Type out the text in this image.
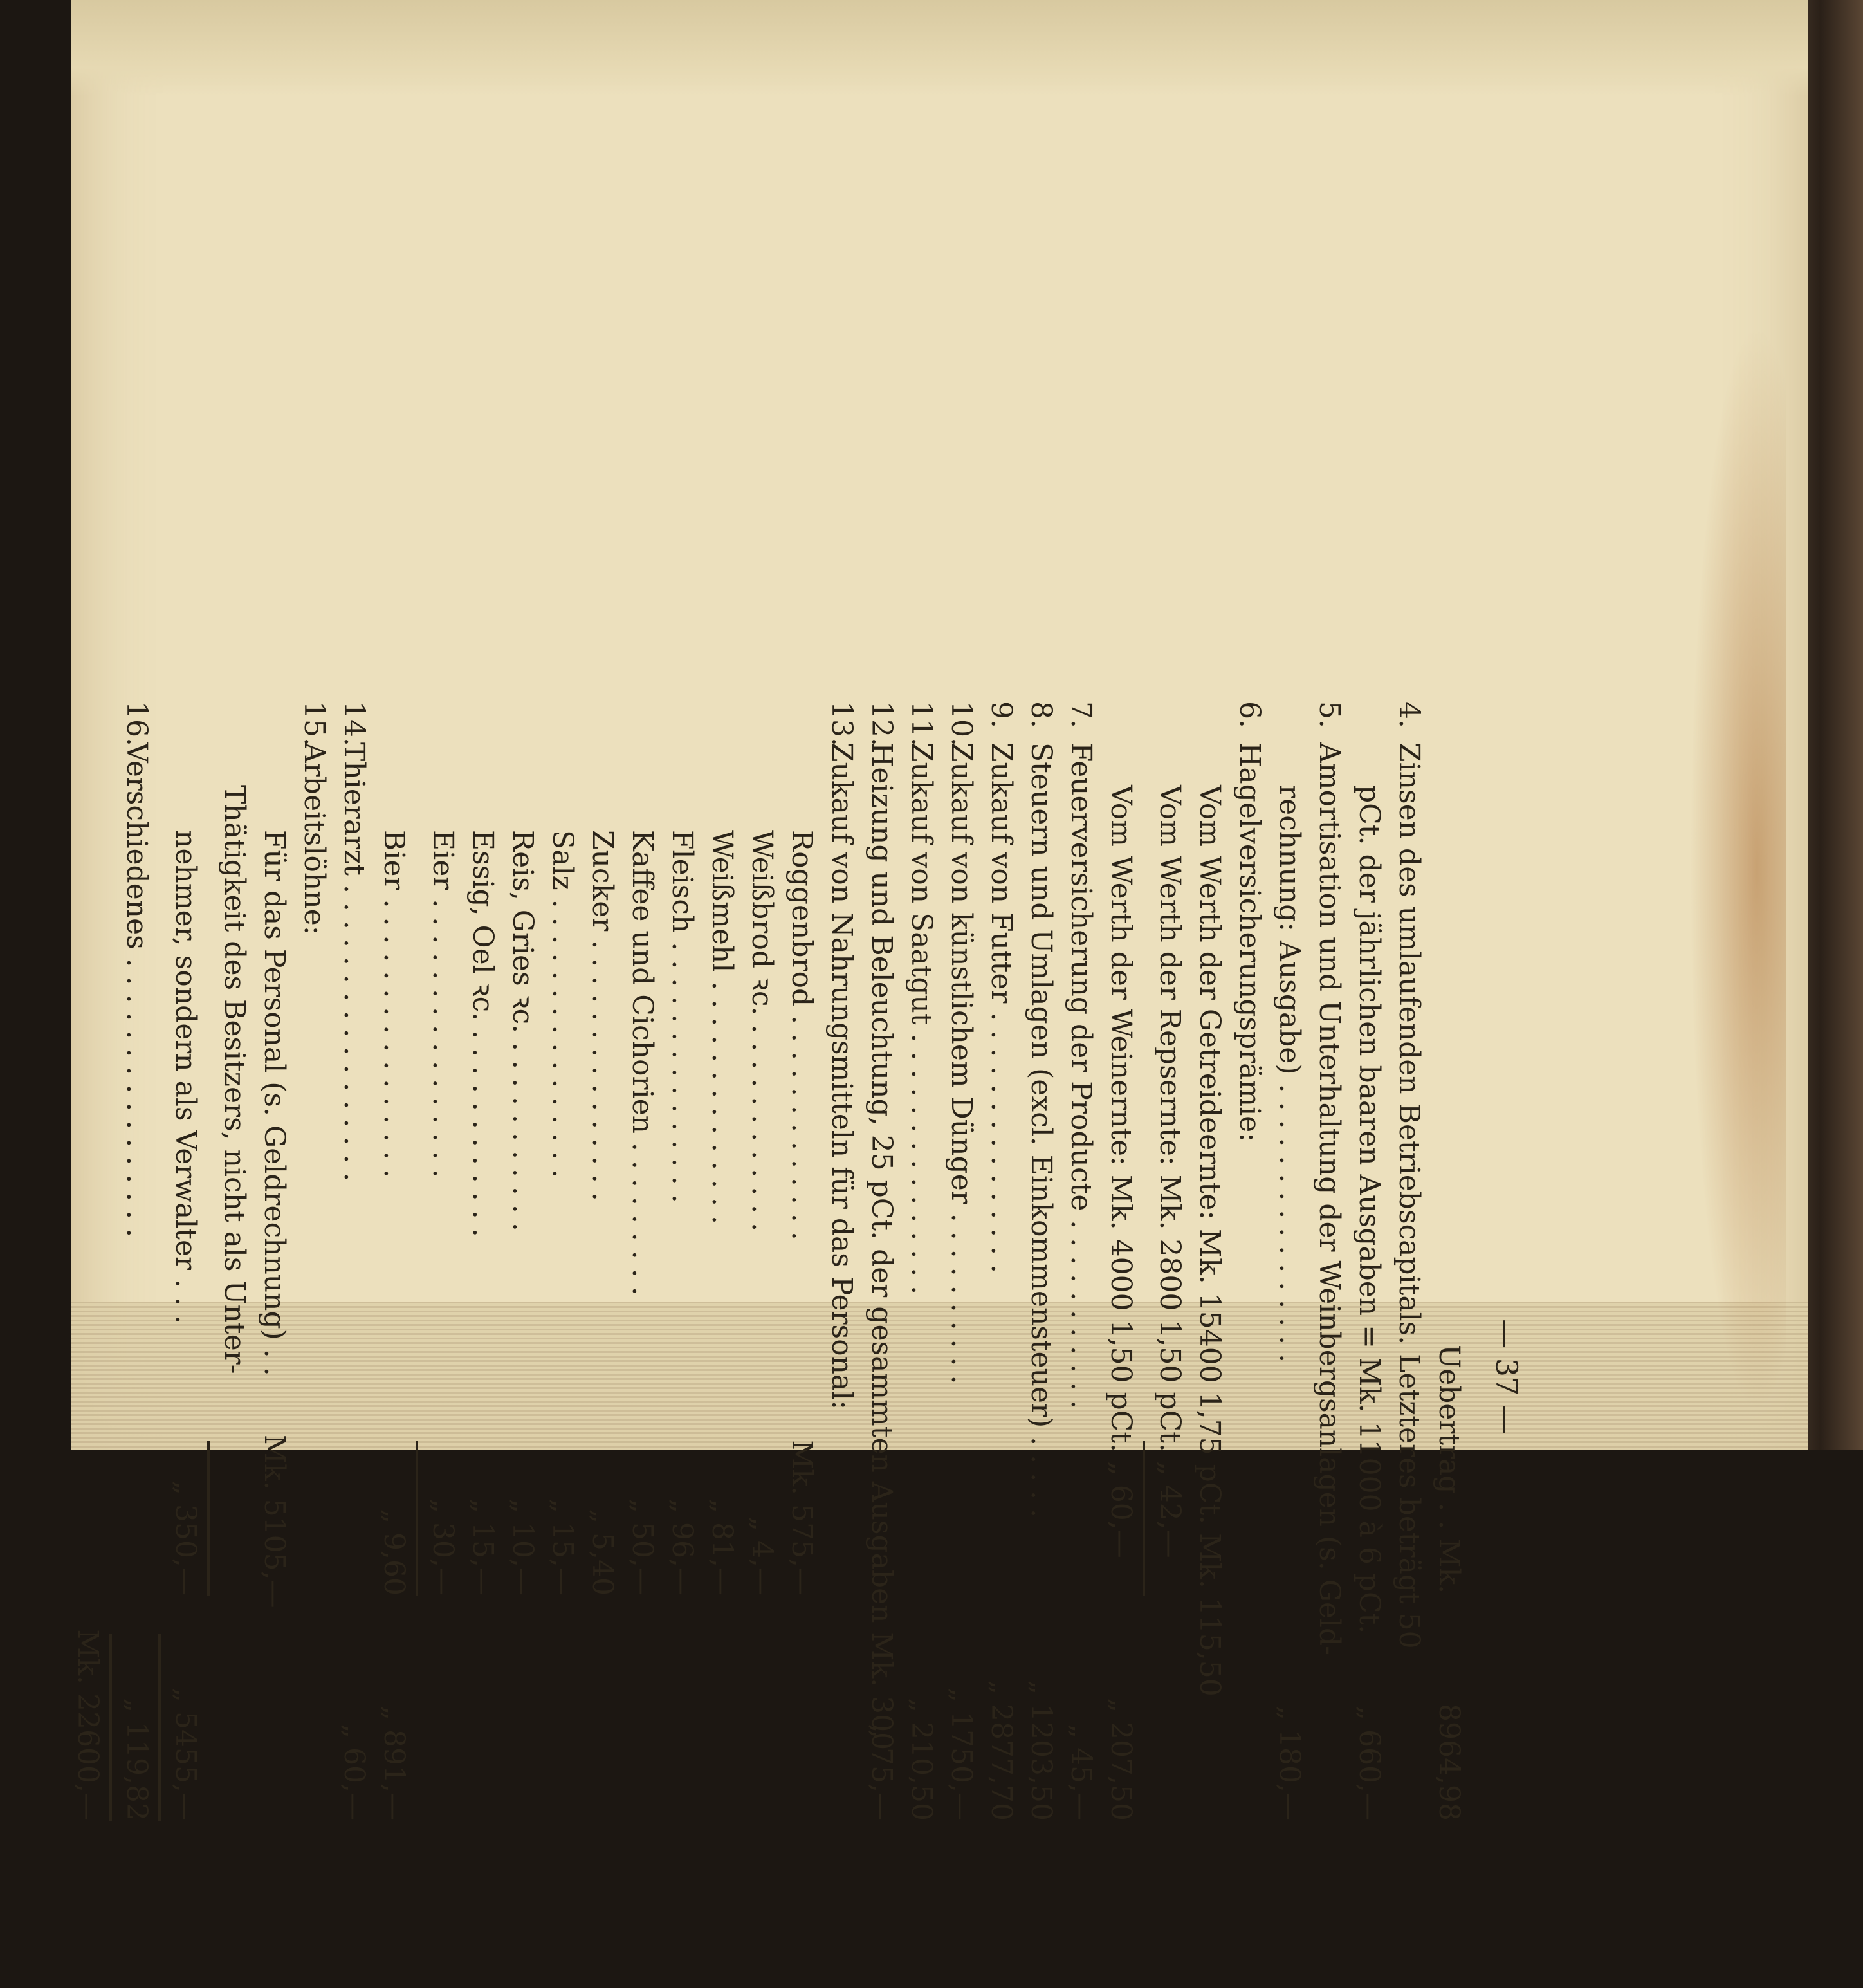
— 37 —
Uebertrag . . Mk.
8964,98
4.
Zinsen des umlaufenden Betriebscapitals. Letzteres beträgt 50
pCt. der jährlichen baaren Ausgaben = Mk. 11000 à 6 pCt.
„ 660,—
5.
Amortisation und Unterhaltung der Weinbergsanlagen (s. Geld-
rechnung: Ausgabe) . . . . . . . . . . . . . . . .
„ 180,—
6.
Hagelversicherungsprämie:
Vom Werth der Getreideernte: Mk. 15400 1,75 pCt. Mk. 115,50
Vom Werth der Repsernte: Mk. 2800 1,50 pCt. „ 42,—
Vom Werth der Weinernte: Mk. 4000 1,50 pCt. „ 60,—
„ 207,50
7.
Feuerversicherung der Producte . . . . . . . . . . .
„ 45,—
8.
Steuern und Umlagen (excl. Einkommensteuer) . . . . .
„ 1203,50
9.
Zukauf von Futter . . . . . . . . . . . . . . .
„ 2877,70
10.
Zukauf von künstlichem Dünger . . . . . . . . . .
„ 1750,—
11.
Zukauf von Saatgut . . . . . . . . . . . . . . .
„ 210,50
12.
Heizung und Beleuchtung, 25 pCt. der gesammten Ausgaben Mk. 300
„ 75,—
13.
Zukauf von Nahrungsmitteln für das Personal:
Roggenbrod . . . . . . . . . . . . .
Mk. 575,—
Weißbrod ꝛc. . . . . . . . . . . . .
„ 4,—
Weißmehl . . . . . . . . . . . . . .
„ 81,—
Fleisch . . . . . . . . . . . . . . .
„ 96,—
Kaffee und Cichorien . . . . . . . . .
„ 50,—
Zucker . . . . . . . . . . . . . . .
„ 5,40
Salz . . . . . . . . . . . . . . . .
„ 15,—
Reis, Gries ꝛc. . . . . . . . . . . .
„ 10,—
Essig, Oel ꝛc. . . . . . . . . . . . .
„ 15,—
Eier . . . . . . . . . . . . . . . .
„ 30,—
Bier . . . . . . . . . . . . . . . .
„ 9,60
„ 891,—
14.
Thierarzt . . . . . . . . . . . . . . . . .
„ 60,—
15.
Arbeitslöhne:
Für das Personal (s. Geldrechnung) . .
Mk. 5105,—
Thätigkeit des Besitzers, nicht als Unter-
nehmer, sondern als Verwalter . . .
„ 350,—
„ 5455,—
16.
Verschiedenes . . . . . . . . . . . . . . . .
„ 119,82
Mk. 22600,—
